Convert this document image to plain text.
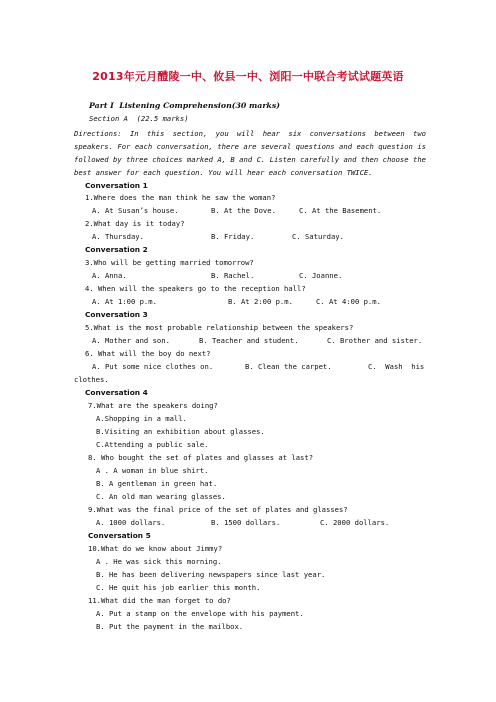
2013年元月醴陵一中、攸县一中、浏阳一中联合考试试题英语
Part I  Listening Comprehension(30 marks)
Section A  (22.5 marks)
Directions: In this section, you will hear six conversations between two speakers. For each conversation, there are several questions and each question is followed by three choices marked A, B and C. Listen carefully and then choose the best answer for each question. You will hear each conversation TWICE.
Conversation 1
1.Where does the man think he saw the woman?
A. At Susan’s house.	B. At the Dove.	C. At the Basement.
2.What day is it today?
A. Thursday.	B. Friday.	C. Saturday.
Conversation 2
3.Who will be getting married tomorrow?
A. Anna.	B. Rachel.	C. Joanne.
4. When will the speakers go to the reception hall?
A. At 1:00 p.m.	B. At 2:00 p.m.	C. At 4:00 p.m.
Conversation 3
5.What is the most probable relationship between the speakers?
A. Mother and son.	B. Teacher and student.	C. Brother and sister.
6. What will the boy do next?
A. Put some nice clothes on.	B. Clean the carpet.	C.  Wash  his
clothes.
Conversation 4
7.What are the speakers doing?
A.Shopping in a mall.
B.Visiting an exhibition about glasses.
C.Attending a public sale.
8. Who bought the set of plates and glasses at last?
A . A woman in blue shirt.
B. A gentleman in green hat.
C. An old man wearing glasses.
9.What was the final price of the set of plates and glasses?
A. 1000 dollars.	B. 1500 dollars.	C. 2000 dollars.
Conversation 5
10.What do we know about Jimmy?
A . He was sick this morning.
B. He has been delivering newspapers since last year.
C. He quit his job earlier this month.
11.What did the man forget to do?
A. Put a stamp on the envelope with his payment.
B. Put the payment in the mailbox.
